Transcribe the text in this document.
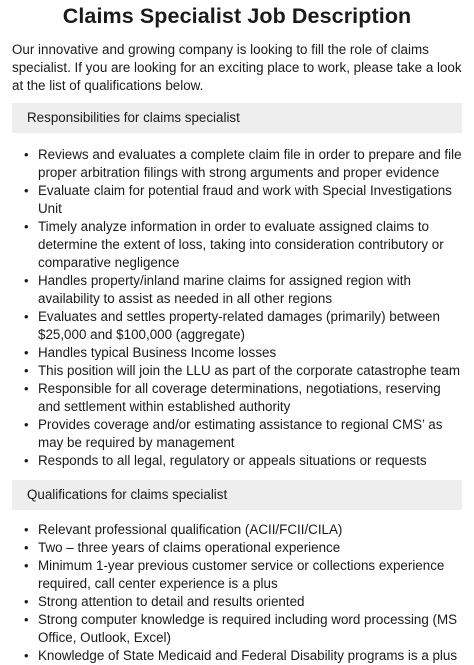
Claims Specialist Job Description

Our innovative and growing company is looking to fill the role of claims specialist. If you are looking for an exciting place to work, please take a look at the list of qualifications below.

Responsibilities for claims specialist
• Reviews and evaluates a complete claim file in order to prepare and file proper arbitration filings with strong arguments and proper evidence
• Evaluate claim for potential fraud and work with Special Investigations Unit
• Timely analyze information in order to evaluate assigned claims to determine the extent of loss, taking into consideration contributory or comparative negligence
• Handles property/inland marine claims for assigned region with availability to assist as needed in all other regions
• Evaluates and settles property-related damages (primarily) between $25,000 and $100,000 (aggregate)
• Handles typical Business Income losses
• This position will join the LLU as part of the corporate catastrophe team
• Responsible for all coverage determinations, negotiations, reserving and settlement within established authority
• Provides coverage and/or estimating assistance to regional CMS’ as may be required by management
• Responds to all legal, regulatory or appeals situations or requests
Qualifications for claims specialist
• Relevant professional qualification (ACII/FCII/CILA)
• Two – three years of claims operational experience
• Minimum 1-year previous customer service or collections experience required, call center experience is a plus
• Strong attention to detail and results oriented
• Strong computer knowledge is required including word processing (MS Office, Outlook, Excel)
• Knowledge of State Medicaid and Federal Disability programs is a plus
